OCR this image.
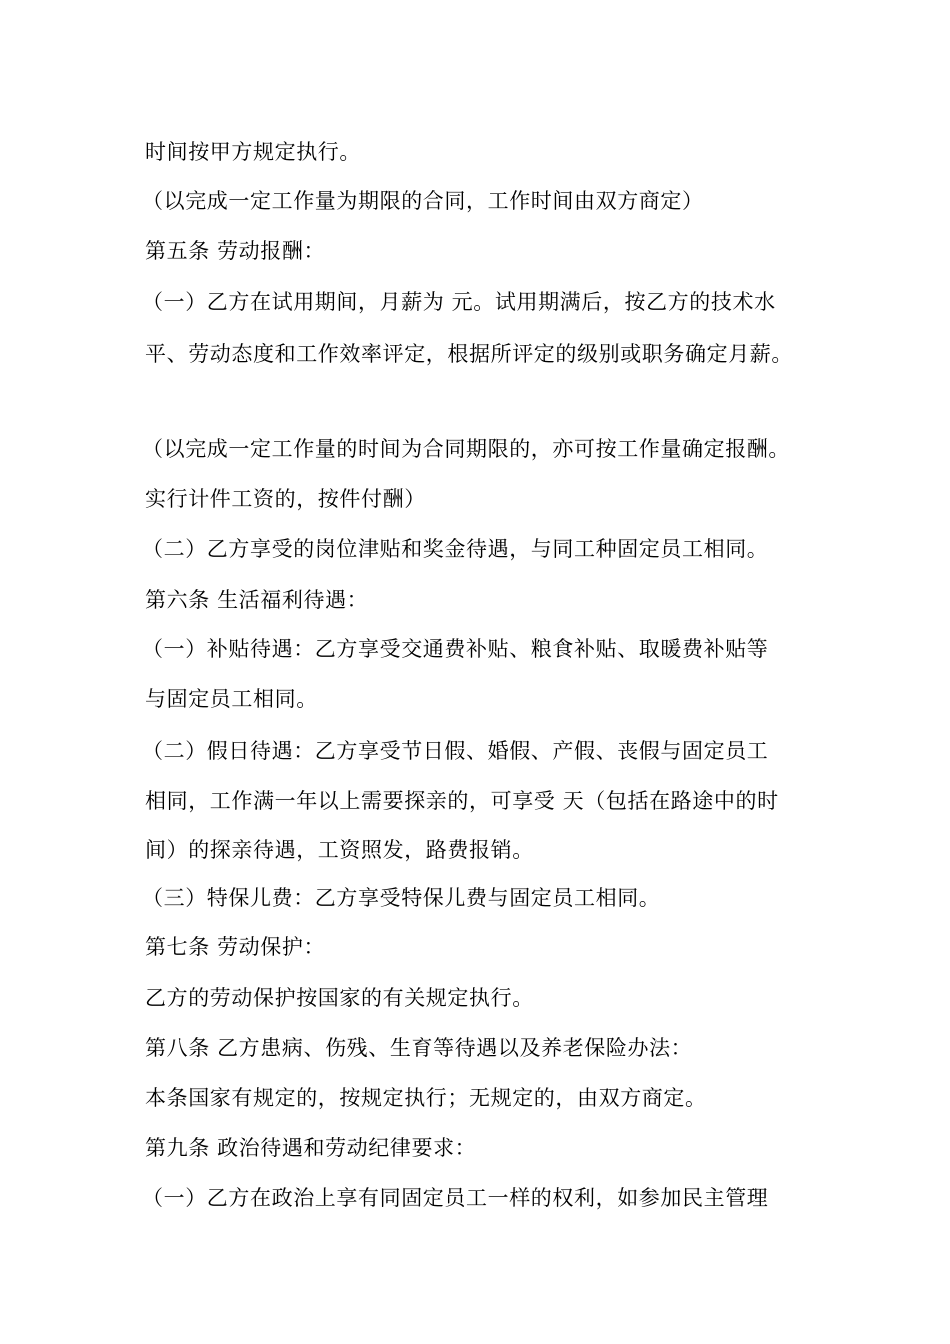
时间按甲方规定执行。
（以完成一定工作量为期限的合同，工作时间由双方商定）
第五条 劳动报酬：
（一）乙方在试用期间，月薪为 元。试用期满后，按乙方的技术水
平、劳动态度和工作效率评定，根据所评定的级别或职务确定月薪。
（以完成一定工作量的时间为合同期限的，亦可按工作量确定报酬。
实行计件工资的，按件付酬）
（二）乙方享受的岗位津贴和奖金待遇，与同工种固定员工相同。
第六条 生活福利待遇：
（一）补贴待遇：乙方享受交通费补贴、粮食补贴、取暖费补贴等
与固定员工相同。
（二）假日待遇：乙方享受节日假、婚假、产假、丧假与固定员工
相同，工作满一年以上需要探亲的，可享受 天（包括在路途中的时
间）的探亲待遇，工资照发，路费报销。
（三）特保儿费：乙方享受特保儿费与固定员工相同。
第七条 劳动保护：
乙方的劳动保护按国家的有关规定执行。
第八条 乙方患病、伤残、生育等待遇以及养老保险办法：
本条国家有规定的，按规定执行；无规定的，由双方商定。
第九条 政治待遇和劳动纪律要求：
（一）乙方在政治上享有同固定员工一样的权利，如参加民主管理
